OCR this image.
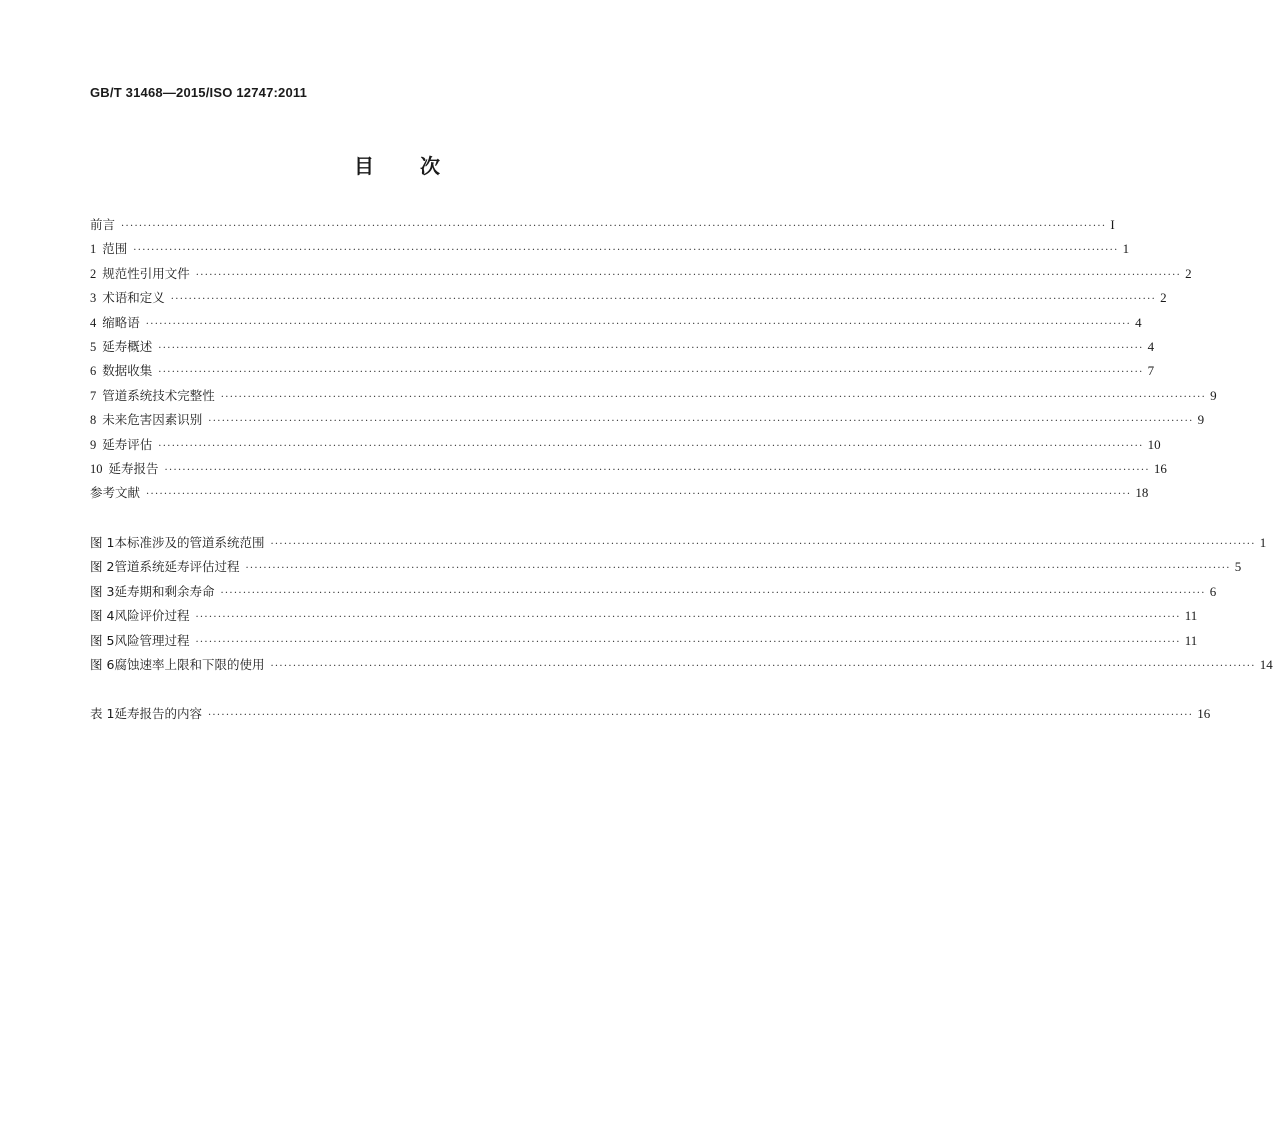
GB/T 31468—2015/ISO 12747:2011
目次
前言 ···························································································································································································································· I
1 范围 ···························································································································································································································· 1
2 规范性引用文件 ···························································································································································································································· 2
3 术语和定义 ···························································································································································································································· 2
4 缩略语 ···························································································································································································································· 4
5 延寿概述 ···························································································································································································································· 4
6 数据收集 ···························································································································································································································· 7
7 管道系统技术完整性 ···························································································································································································································· 9
8 未来危害因素识别 ···························································································································································································································· 9
9 延寿评估 ···························································································································································································································· 10
10 延寿报告 ···························································································································································································································· 16
参考文献 ···························································································································································································································· 18
图 1 本标准涉及的管道系统范围 ···························································································································································································································· 1
图 2 管道系统延寿评估过程 ···························································································································································································································· 5
图 3 延寿期和剩余寿命 ···························································································································································································································· 6
图 4 风险评价过程 ···························································································································································································································· 11
图 5 风险管理过程 ···························································································································································································································· 11
图 6 腐蚀速率上限和下限的使用 ···························································································································································································································· 14
表 1 延寿报告的内容 ···························································································································································································································· 16
